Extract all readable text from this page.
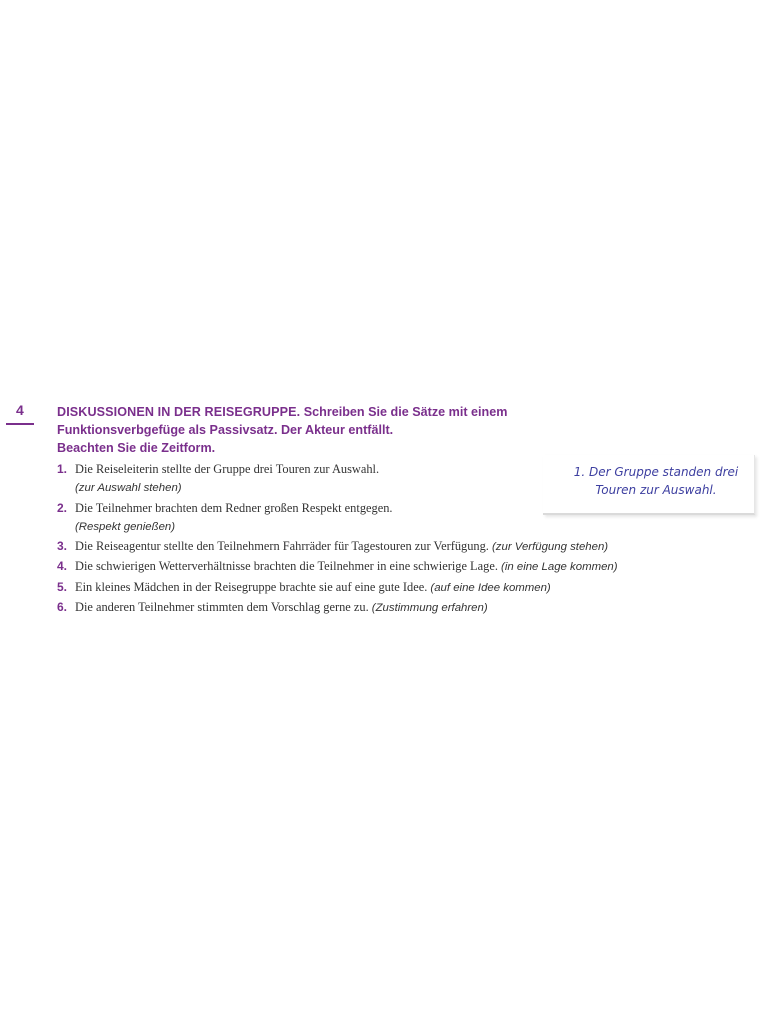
4	DISKUSSIONEN IN DER REISEGRUPPE. Schreiben Sie die Sätze mit einem
Funktionsverbgefüge als Passivsatz. Der Akteur entfällt.
Beachten Sie die Zeitform.
1. Die Reiseleiterin stellte der Gruppe drei Touren zur Auswahl.
(zur Auswahl stehen)
2. Die Teilnehmer brachten dem Redner großen Respekt entgegen.
(Respekt genießen)
3. Die Reiseagentur stellte den Teilnehmern Fahrräder für Tagestouren zur Verfügung. (zur Verfügung stehen)
4. Die schwierigen Wetterverhältnisse brachten die Teilnehmer in eine schwierige Lage. (in eine Lage kommen)
5. Ein kleines Mädchen in der Reisegruppe brachte sie auf eine gute Idee. (auf eine Idee kommen)
6. Die anderen Teilnehmer stimmten dem Vorschlag gerne zu. (Zustimmung erfahren)
1. Der Gruppe standen drei
Touren zur Auswahl.
